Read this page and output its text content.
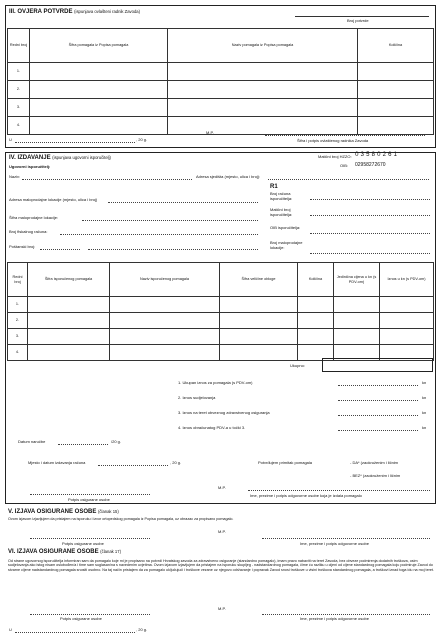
III. OVJERA POTVRDE (ispunjava ovlašteni radnik Zavoda)
Broj potvrde
Redni broj	Šifra pomagala iz Popisa pomagala	Naziv pomagala iz Popisa pomagala	Količina
1.			
2.			
3.			
4.			
U	, 20 g.
M.P.
Šifra i potpis ovlaštenog radnika Zavoda
IV. IZDAVANJE (ispunjava ugovorni isporučitelj)
Ugovorni isporučitelj:
Matični broj HZZO: 0 3 5 8 0 2 6 1
OIB: 02958272670
Naziv:	Adresa sjedišta (mjesto, ulica i broj):
R1
Adresa maloprodajne lokacije (mjesto, ulica i broj)
Broj računa isporučitelja:
Šifra maloprodajne lokacije:
Matični broj isporučitelja:
Broj fiskalnog računa:
OIB isporučitelja:
Poštanski broj:
Broj maloprodajne lokacije:
Redni broj	Šifra isporučenog pomagala	Naziv isporučenog pomagala	Šifra veličine obloge	Količina	Jedinična cijena u kn (s PDV-om)	Iznos u kn (s PDV-om)
1.						
2.						
3.						
4.						
Ukupno:
1. Ukupan iznos za pomagala (s PDV-om)	kn
2. Iznos sudjelovanja	kn
3. Iznos na teret obveznog zdravstvenog osiguranja	kn
4. Iznos obračunatog PDV-a u točki 3.	kn
Datum naručbe	/20 g.
Mjesto i datum izdavanja računa	, 20 g.	Potvrđujem primitak pomagala	- DA* (zaokruženim i ličnim
- BEZ* (zaokruženim i ličnim
M.P.
Potpis osigurane osobe
Ime, prezime i potpis odgovorne osobe koja je izdala pomagalo
V. IZJAVA OSIGURANE OSOBE (članak 15)
Ovom izjavom izjavljujem da pristajem na isporuku i izvor ortopedskog pomagala iz Popisa pomagala, uz obrazac za propisano pomagalo.
M.P.
Potpis osigurane osobe	Ime, prezime i potpis odgovorne osobe
VI. IZJAVA OSIGURANE OSOBE (članak 17)
Od strane ugovornog isporučitelja informiran sam da pomagalo koje mi je propisano na potvrdi Hrvatskog zavoda za zdravstveno osiguranje (standardno pomagalo), imam pravo nabaviti na teret Zavoda, bez obveze podmirenja dodatnih troškova, osim sudjelovanja ako istog nisam oslobođen/a i time sam suglasan/na s navedenim uvjetima. Ovom izjavom izjavljujem da pristajem na isporuku skupljeg - nadstandardnog pomagala, čime ću razliku u cijeni od cijene standardnog pomagala koju podmiruje Zavod do stvarne cijene nadstandardnog pomagala snositi osobno. Na taj način pristajem da za pomagalo uključujući i troškove vezane uz njegovo održavanje i popravak Zavod snosi troškove u visini troškova standardnog pomagala, a troškovi iznad toga idu na moj teret.
M.P.
Potpis osigurane osobe	Ime, prezime i potpis odgovorne osobe
U	, 20 g.
